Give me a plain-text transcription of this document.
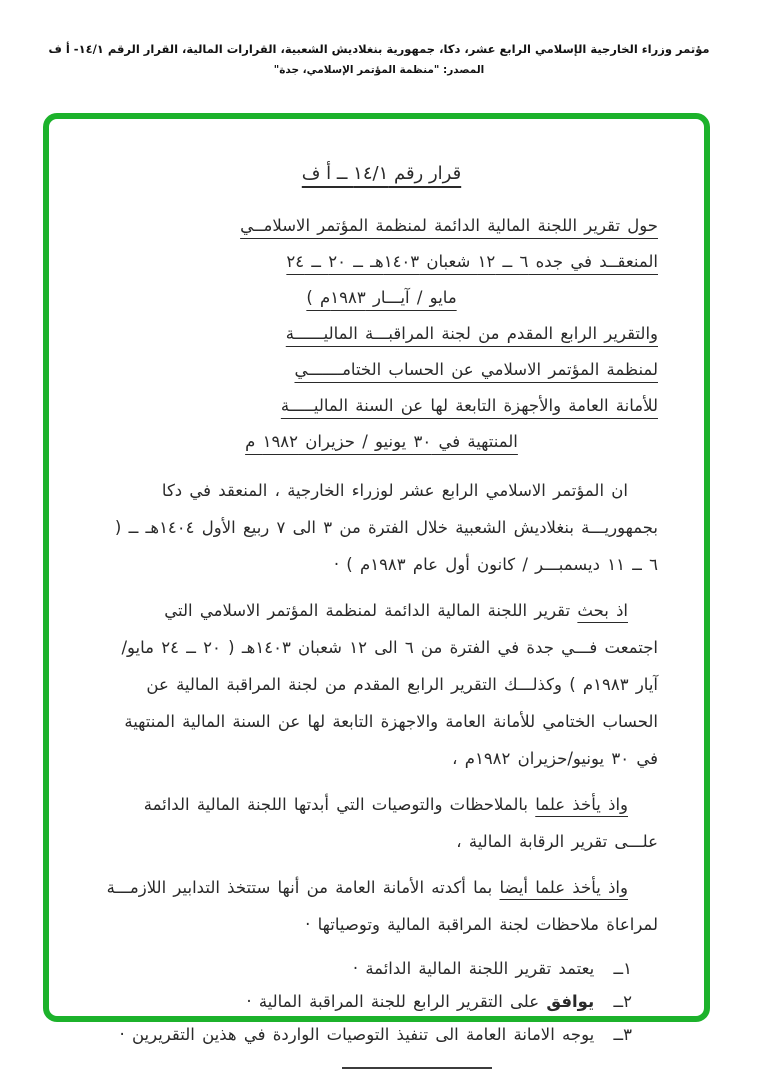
مؤتمر وزراء الخارجية الإسلامي الرابع عشر، دكا، جمهورية بنغلاديش الشعبية، القرارات المالية، القرار الرقم ١٤/١- أ ف
المصدر: "منظمة المؤتمر الإسلامي، جدة"
قرار رقم ١٤/١ ــ أ ف
حول تقرير اللجنة المالية الدائمة لمنظمة المؤتمر الاسلامــي
المنعقــد في جده ٦ ــ ١٢ شعبان ١٤٠٣هـ ــ ٢٠ ــ ٢٤
مايو / آيـــار ١٩٨٣م )
والتقرير الرابع المقدم من لجنة المراقبـــة الماليــــــة
لمنظمة المؤتمر الاسلامي عن الحساب الختامـــــــي
للأمانة العامة والأجهزة التابعة لها عن السنة الماليـــــة
المنتهية في ٣٠ يونيو / حزيران ١٩٨٢ م

ان المؤتمر الاسلامي الرابع عشر لوزراء الخارجية ، المنعقد في دكا بجمهوريـــة بنغلاديش الشعبية خلال الفترة من ٣ الى ٧ ربيع الأول ١٤٠٤هـ ــ ( ٦ ــ ١١ ديسمبـــر / كانون أول عام ١٩٨٣م ) ·

اذ بحث تقرير اللجنة المالية الدائمة لمنظمة المؤتمر الاسلامي التي اجتمعت فـــي جدة في الفترة من ٦ الى ١٢ شعبان ١٤٠٣هـ ( ٢٠ ــ ٢٤ مايو/آيار ١٩٨٣م ) وكذلـــك التقرير الرابع المقدم من لجنة المراقبة المالية عن الحساب الختامي للأمانة العامة والاجهزة التابعة لها عن السنة المالية المنتهية في ٣٠ يونيو/حزيران ١٩٨٢م ،

واذ يأخذ علما بالملاحظات والتوصيات التي أبدتها اللجنة المالية الدائمة علـــى تقرير الرقابة المالية ،

واذ يأخذ علما أيضا بما أكدته الأمانة العامة من أنها ستتخذ التدابير اللازمـــة لمراعاة ملاحظات لجنة المراقبة المالية وتوصياتها ·

١ــ يعتمد تقرير اللجنة المالية الدائمة ·
٢ــ يوافق على التقرير الرابع للجنة المراقبة المالية ·
٣ــ يوجه الامانة العامة الى تنفيذ التوصيات الواردة في هذين التقريرين ·
